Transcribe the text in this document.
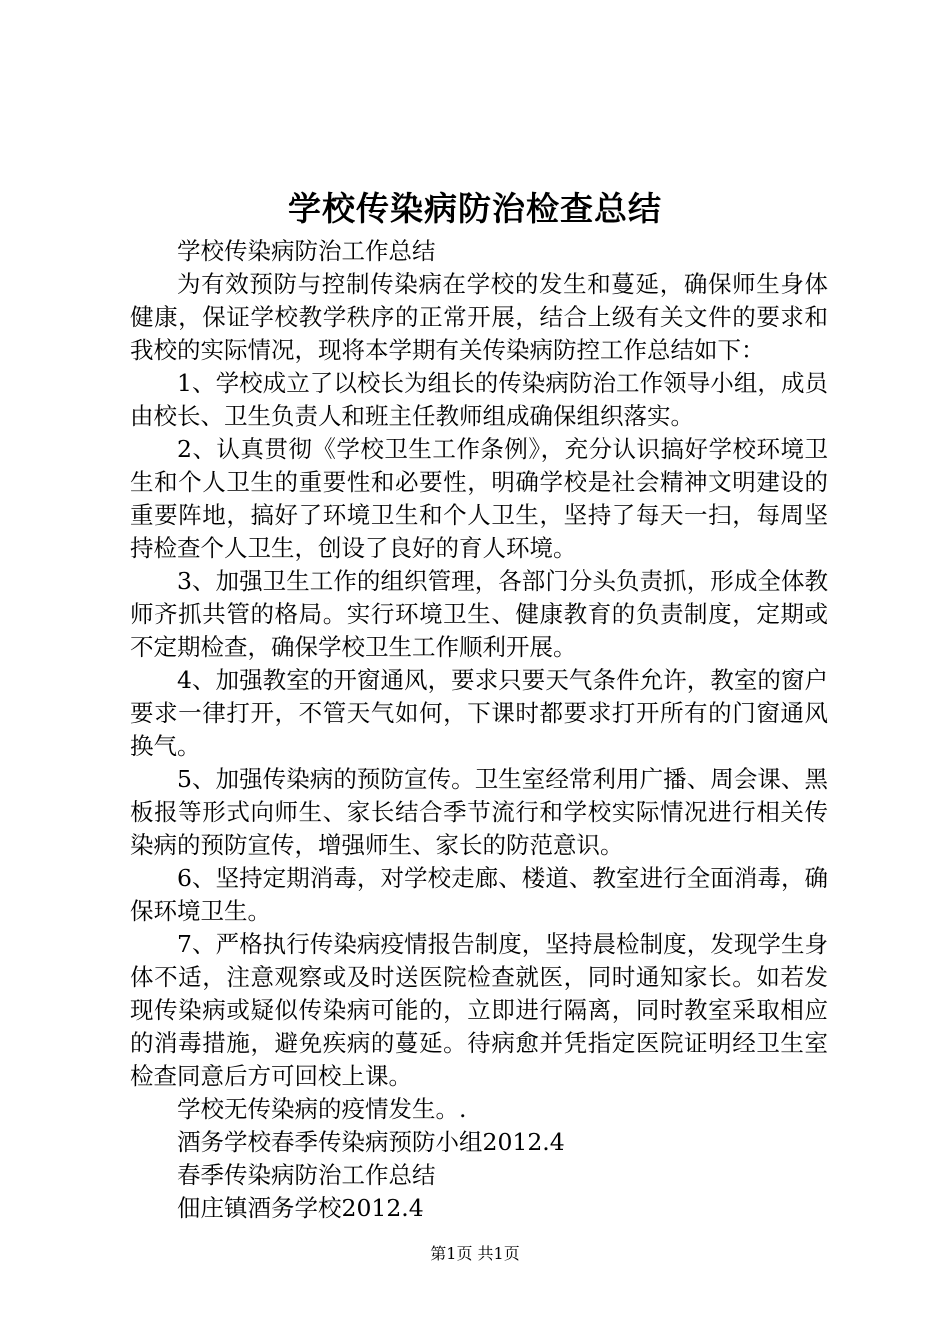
学校传染病防治检查总结

学校传染病防治工作总结

为有效预防与控制传染病在学校的发生和蔓延，确保师生身体健康，保证学校教学秩序的正常开展，结合上级有关文件的要求和我校的实际情况，现将本学期有关传染病防控工作总结如下：

1、学校成立了以校长为组长的传染病防治工作领导小组，成员由校长、卫生负责人和班主任教师组成确保组织落实。

2、认真贯彻《学校卫生工作条例》，充分认识搞好学校环境卫生和个人卫生的重要性和必要性，明确学校是社会精神文明建设的重要阵地，搞好了环境卫生和个人卫生，坚持了每天一扫，每周坚持检查个人卫生，创设了良好的育人环境。

3、加强卫生工作的组织管理，各部门分头负责抓，形成全体教师齐抓共管的格局。实行环境卫生、健康教育的负责制度，定期或不定期检查，确保学校卫生工作顺利开展。

4、加强教室的开窗通风，要求只要天气条件允许，教室的窗户要求一律打开，不管天气如何，下课时都要求打开所有的门窗通风换气。

5、加强传染病的预防宣传。卫生室经常利用广播、周会课、黑板报等形式向师生、家长结合季节流行和学校实际情况进行相关传染病的预防宣传，增强师生、家长的防范意识。

6、坚持定期消毒，对学校走廊、楼道、教室进行全面消毒，确保环境卫生。

7、严格执行传染病疫情报告制度，坚持晨检制度，发现学生身体不适，注意观察或及时送医院检查就医，同时通知家长。如若发现传染病或疑似传染病可能的，立即进行隔离，同时教室采取相应的消毒措施，避免疾病的蔓延。待病愈并凭指定医院证明经卫生室检查同意后方可回校上课。

学校无传染病的疫情发生。.

酒务学校春季传染病预防小组2012.4

春季传染病防治工作总结

佃庄镇酒务学校2012.4

第1页 共1页
